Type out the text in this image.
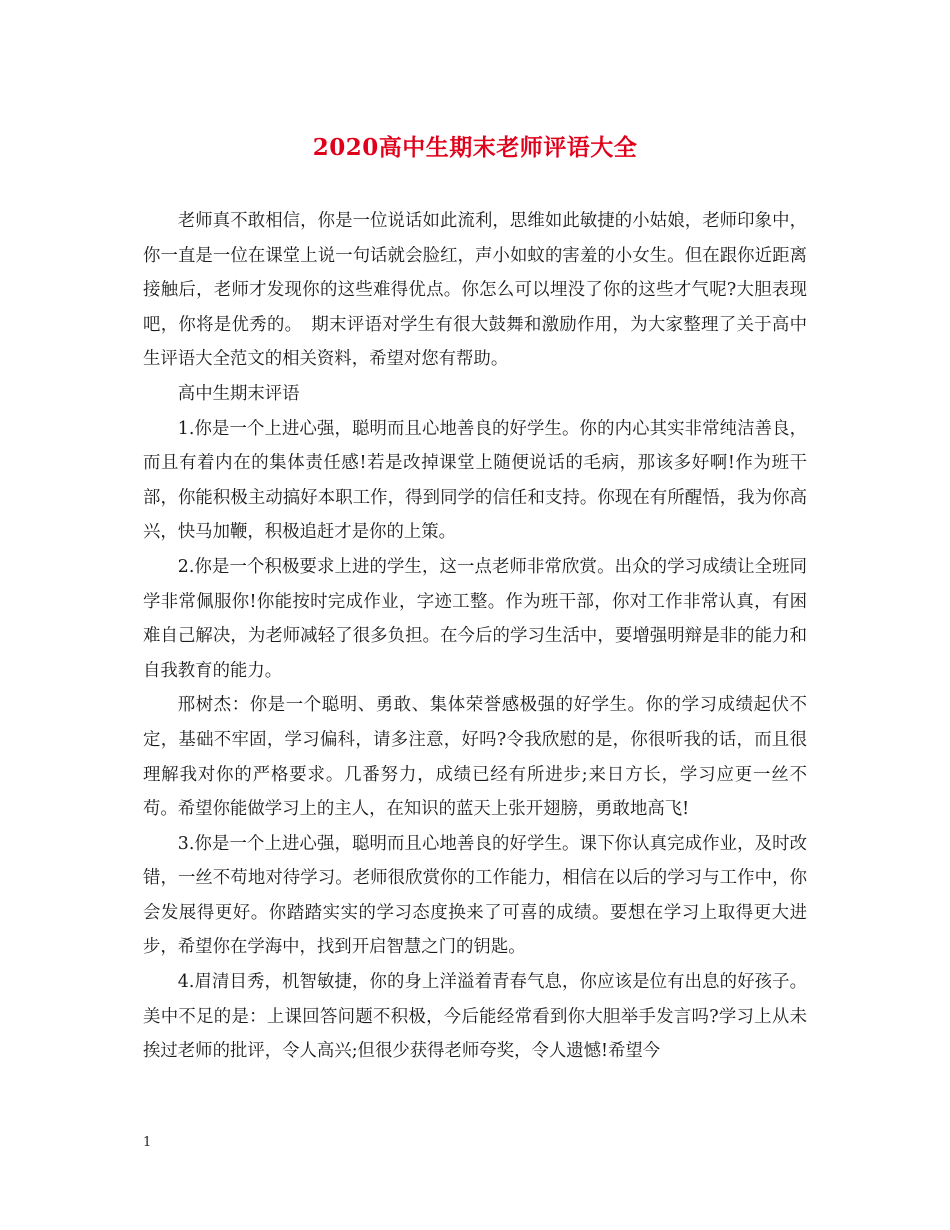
2020高中生期末老师评语大全

老师真不敢相信，你是一位说话如此流利，思维如此敏捷的小姑娘，老师印象中，你一直是一位在课堂上说一句话就会脸红，声小如蚊的害羞的小女生。但在跟你近距离接触后，老师才发现你的这些难得优点。你怎么可以埋没了你的这些才气呢?大胆表现吧，你将是优秀的。　期末评语对学生有很大鼓舞和激励作用，为大家整理了关于高中生评语大全范文的相关资料，希望对您有帮助。

高中生期末评语

1.你是一个上进心强，聪明而且心地善良的好学生。你的内心其实非常纯洁善良，而且有着内在的集体责任感!若是改掉课堂上随便说话的毛病，那该多好啊!作为班干部，你能积极主动搞好本职工作，得到同学的信任和支持。你现在有所醒悟，我为你高兴，快马加鞭，积极追赶才是你的上策。

2.你是一个积极要求上进的学生，这一点老师非常欣赏。出众的学习成绩让全班同学非常佩服你!你能按时完成作业，字迹工整。作为班干部，你对工作非常认真，有困难自己解决，为老师减轻了很多负担。在今后的学习生活中，要增强明辩是非的能力和自我教育的能力。

邢树杰：你是一个聪明、勇敢、集体荣誉感极强的好学生。你的学习成绩起伏不定，基础不牢固，学习偏科，请多注意，好吗?令我欣慰的是，你很听我的话，而且很理解我对你的严格要求。几番努力，成绩已经有所进步;来日方长，学习应更一丝不苟。希望你能做学习上的主人，在知识的蓝天上张开翅膀，勇敢地高飞!

3.你是一个上进心强，聪明而且心地善良的好学生。课下你认真完成作业，及时改错，一丝不苟地对待学习。老师很欣赏你的工作能力，相信在以后的学习与工作中，你会发展得更好。你踏踏实实的学习态度换来了可喜的成绩。要想在学习上取得更大进步，希望你在学海中，找到开启智慧之门的钥匙。

4.眉清目秀，机智敏捷，你的身上洋溢着青春气息，你应该是位有出息的好孩子。美中不足的是：上课回答问题不积极，今后能经常看到你大胆举手发言吗?学习上从未挨过老师的批评，令人高兴;但很少获得老师夸奖，令人遗憾!希望今

1
